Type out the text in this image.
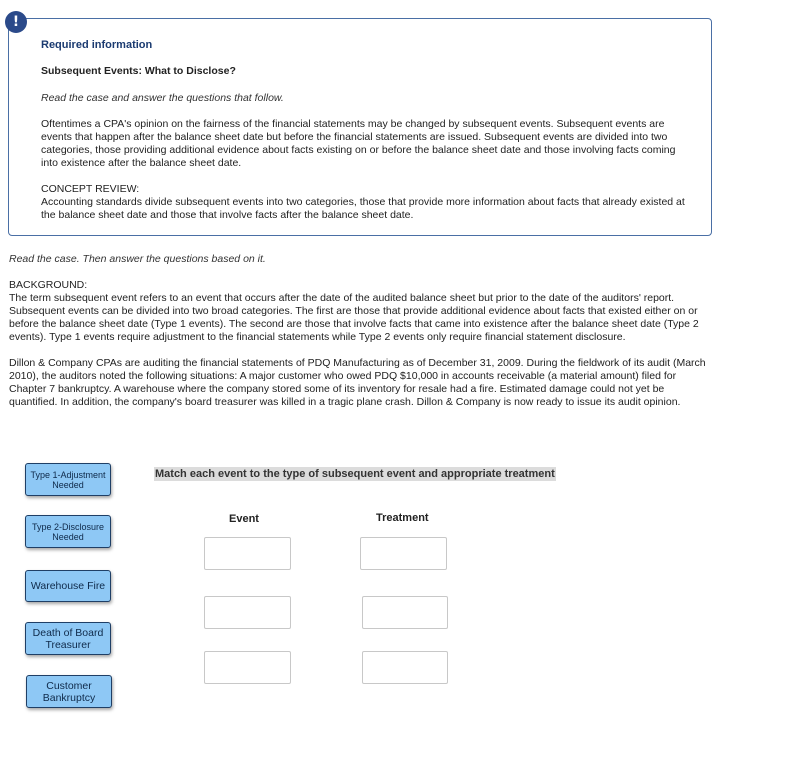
Required information

Subsequent Events: What to Disclose?

Read the case and answer the questions that follow.

Oftentimes a CPA's opinion on the fairness of the financial statements may be changed by subsequent events. Subsequent events are events that happen after the balance sheet date but before the financial statements are issued. Subsequent events are divided into two categories, those providing additional evidence about facts existing on or before the balance sheet date and those involving facts coming into existence after the balance sheet date.

CONCEPT REVIEW:

Accounting standards divide subsequent events into two categories, those that provide more information about facts that already existed at the balance sheet date and those that involve facts after the balance sheet date.

!

Read the case. Then answer the questions based on it.

BACKGROUND:

The term subsequent event refers to an event that occurs after the date of the audited balance sheet but prior to the date of the auditors' report. Subsequent events can be divided into two broad categories. The first are those that provide additional evidence about facts that existed either on or before the balance sheet date (Type 1 events). The second are those that involve facts that came into existence after the balance sheet date (Type 2 events). Type 1 events require adjustment to the financial statements while Type 2 events only require financial statement disclosure.

Dillon & Company CPAs are auditing the financial statements of PDQ Manufacturing as of December 31, 2009. During the fieldwork of its audit (March 2010), the auditors noted the following situations: A major customer who owed PDQ $10,000 in accounts receivable (a material amount) filed for Chapter 7 bankruptcy. A warehouse where the company stored some of its inventory for resale had a fire. Estimated damage could not yet be quantified. In addition, the company's board treasurer was killed in a tragic plane crash. Dillon & Company is now ready to issue its audit opinion.

Type 1-Adjustment Needed
Type 2-Disclosure Needed
Warehouse Fire
Death of Board Treasurer
Customer Bankruptcy
Match each event to the type of subsequent event and appropriate treatment
Event	Treatment
